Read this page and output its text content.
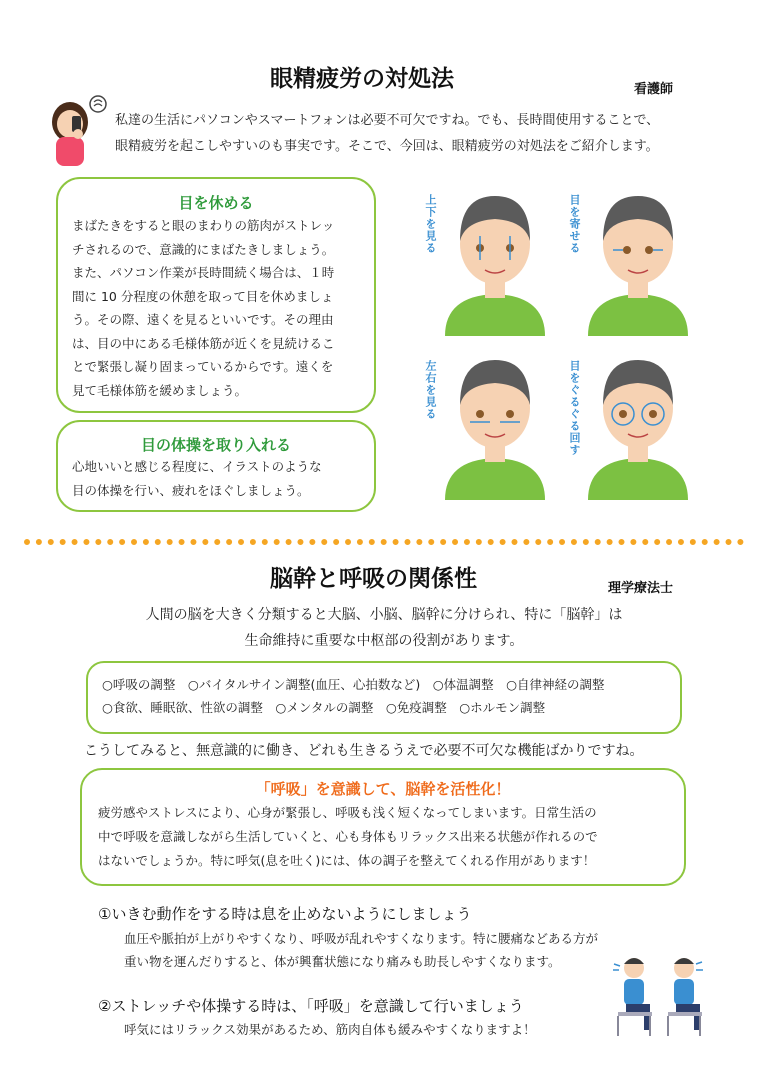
眼精疲労の対処法	看護師
私達の生活にパソコンやスマートフォンは必要不可欠ですね。でも、長時間使用することで、
眼精疲労を起こしやすいのも事実です。そこで、今回は、眼精疲労の対処法をご紹介します。
目を休める
まばたきをすると眼のまわりの筋肉がストレッ
チされるので、意識的にまばたきしましょう。
また、パソコン作業が長時間続く場合は、１時
間に 10 分程度の休憩を取って目を休めましょ
う。その際、遠くを見るといいです。その理由
は、目の中にある毛様体筋が近くを見続けるこ
とで緊張し凝り固まっているからです。遠くを
見て毛様体筋を緩めましょう。
目の体操を取り入れる
心地いいと感じる程度に、イラストのような
目の体操を行い、疲れをほぐしましょう。
上下を見る	目を寄せる
左右を見る	目をぐるぐる回す
脳幹と呼吸の関係性	理学療法士
人間の脳を大きく分類すると大脳、小脳、脳幹に分けられ、特に「脳幹」は
生命維持に重要な中枢部の役割があります。
○呼吸の調整　○バイタルサイン調整(血圧、心拍数など)　○体温調整　○自律神経の調整
○食欲、睡眠欲、性欲の調整　○メンタルの調整　○免疫調整　○ホルモン調整
こうしてみると、無意識的に働き、どれも生きるうえで必要不可欠な機能ばかりですね。
「呼吸」を意識して、脳幹を活性化！
疲労感やストレスにより、心身が緊張し、呼吸も浅く短くなってしまいます。日常生活の
中で呼吸を意識しながら生活していくと、心も身体もリラックス出来る状態が作れるので
はないでしょうか。特に呼気(息を吐く)には、体の調子を整えてくれる作用があります！
①いきむ動作をする時は息を止めないようにしましょう
血圧や脈拍が上がりやすくなり、呼吸が乱れやすくなります。特に腰痛などある方が
重い物を運んだりすると、体が興奮状態になり痛みも助長しやすくなります。
②ストレッチや体操する時は、「呼吸」を意識して行いましょう
呼気にはリラックス効果があるため、筋肉自体も緩みやすくなりますよ！
